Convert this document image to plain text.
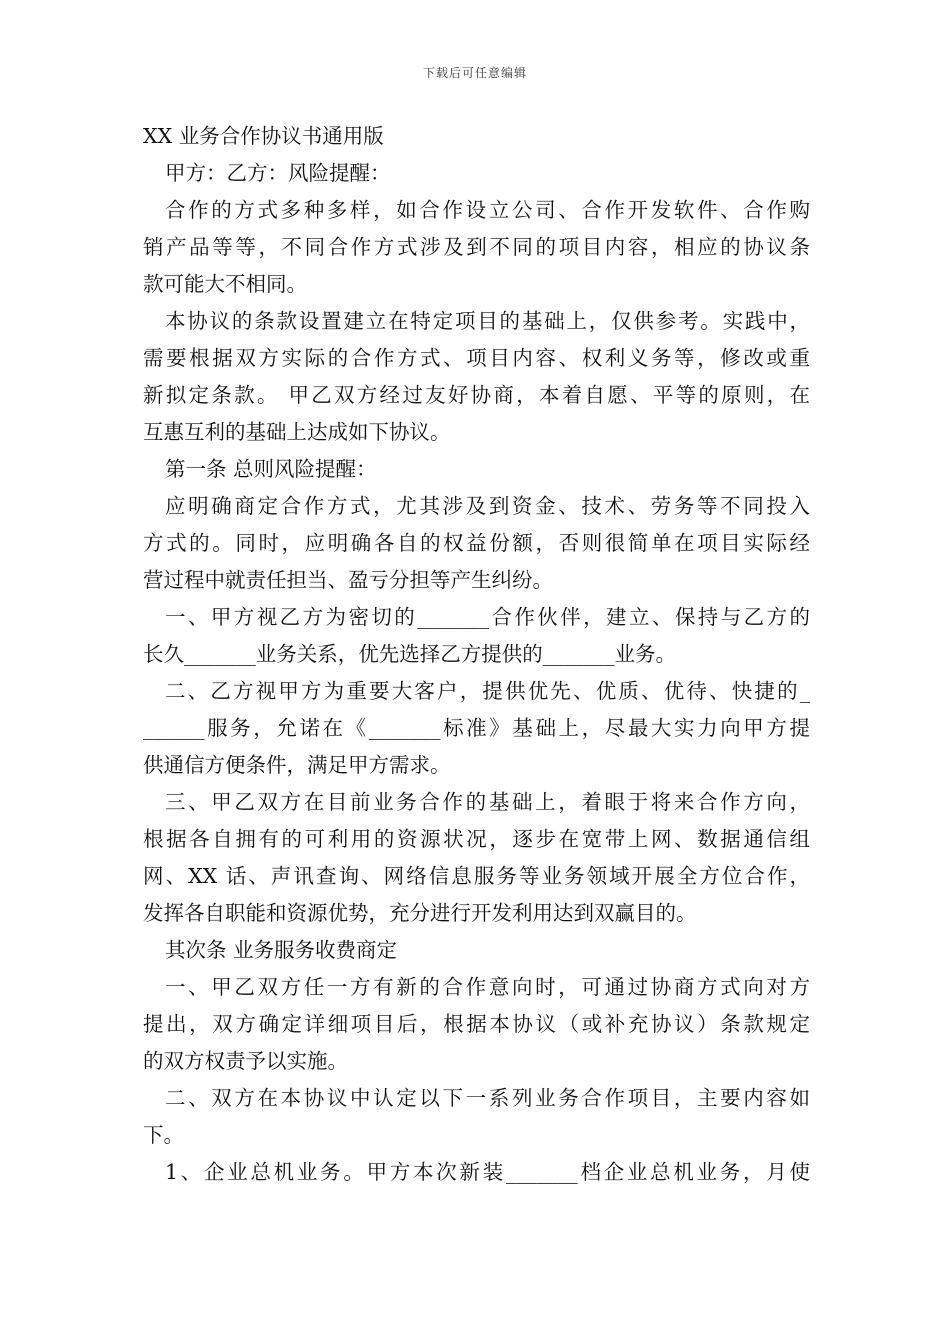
下载后可任意编辑
XX 业务合作协议书通用版
甲方：乙方：风险提醒：
合作的方式多种多样，如合作设立公司、合作开发软件、合作购
销产品等等，不同合作方式涉及到不同的项目内容，相应的协议条
款可能大不相同。
本协议的条款设置建立在特定项目的基础上，仅供参考。实践中，
需要根据双方实际的合作方式、项目内容、权利义务等，修改或重
新拟定条款。 甲乙双方经过友好协商，本着自愿、平等的原则，在
互惠互利的基础上达成如下协议。
第一条 总则风险提醒：
应明确商定合作方式，尤其涉及到资金、技术、劳务等不同投入
方式的。同时，应明确各自的权益份额，否则很简单在项目实际经
营过程中就责任担当、盈亏分担等产生纠纷。
一、甲方视乙方为密切的_______合作伙伴，建立、保持与乙方的
长久_______业务关系，优先选择乙方提供的_______业务。
二、乙方视甲方为重要大客户，提供优先、优质、优待、快捷的_
______服务，允诺在《_______标准》基础上，尽最大实力向甲方提
供通信方便条件，满足甲方需求。
三、甲乙双方在目前业务合作的基础上，着眼于将来合作方向，
根据各自拥有的可利用的资源状况，逐步在宽带上网、数据通信组
网、XX 话、声讯查询、网络信息服务等业务领域开展全方位合作，
发挥各自职能和资源优势，充分进行开发利用达到双赢目的。
其次条 业务服务收费商定
一、甲乙双方任一方有新的合作意向时，可通过协商方式向对方
提出，双方确定详细项目后，根据本协议（或补充协议）条款规定
的双方权责予以实施。
二、双方在本协议中认定以下一系列业务合作项目，主要内容如
下。
1、企业总机业务。甲方本次新装_______档企业总机业务，月使
